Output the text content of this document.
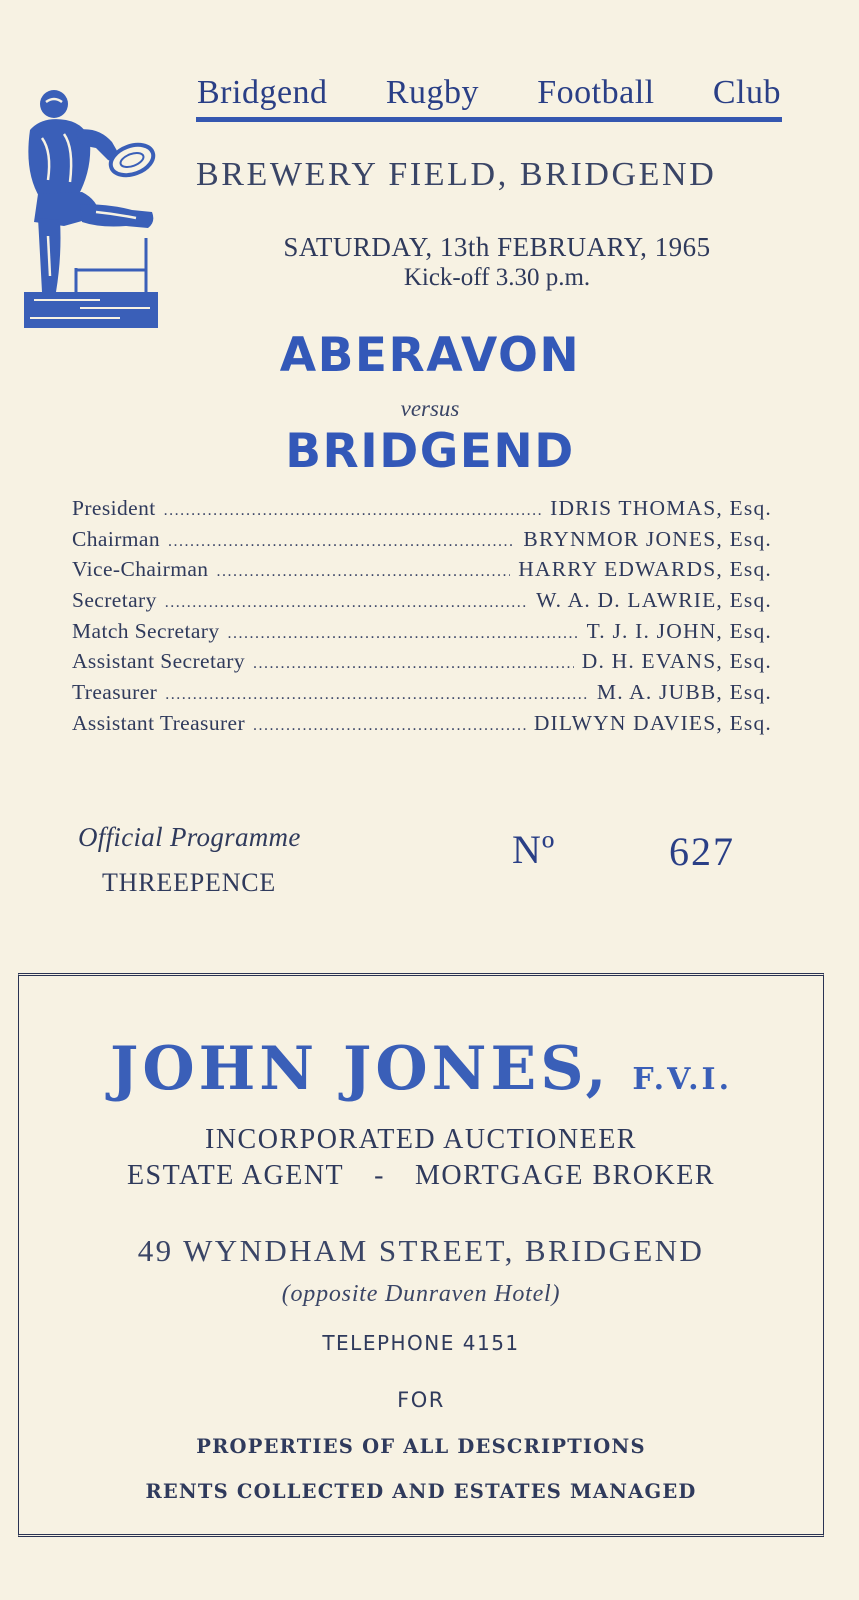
Bridgend Rugby Football Club
BREWERY FIELD, BRIDGEND
SATURDAY, 13th FEBRUARY, 1965
Kick-off 3.30 p.m.
ABERAVON
versus
BRIDGEND
President .....	IDRIS THOMAS, Esq.
Chairman .....	BRYNMOR JONES, Esq.
Vice-Chairman .....	HARRY EDWARDS, Esq.
Secretary .....	W. A. D. LAWRIE, Esq.
Match Secretary .....	T. J. I. JOHN, Esq.
Assistant Secretary .....	D. H. EVANS, Esq.
Treasurer .....	M. A. JUBB, Esq.
Assistant Treasurer .....	DILWYN DAVIES, Esq.
Official Programme
THREEPENCE
Nº	627
JOHN JONES, F.V.I.
INCORPORATED AUCTIONEER
ESTATE AGENT - MORTGAGE BROKER
49 WYNDHAM STREET, BRIDGEND
(opposite Dunraven Hotel)
TELEPHONE 4151
FOR
PROPERTIES OF ALL DESCRIPTIONS
RENTS COLLECTED AND ESTATES MANAGED
